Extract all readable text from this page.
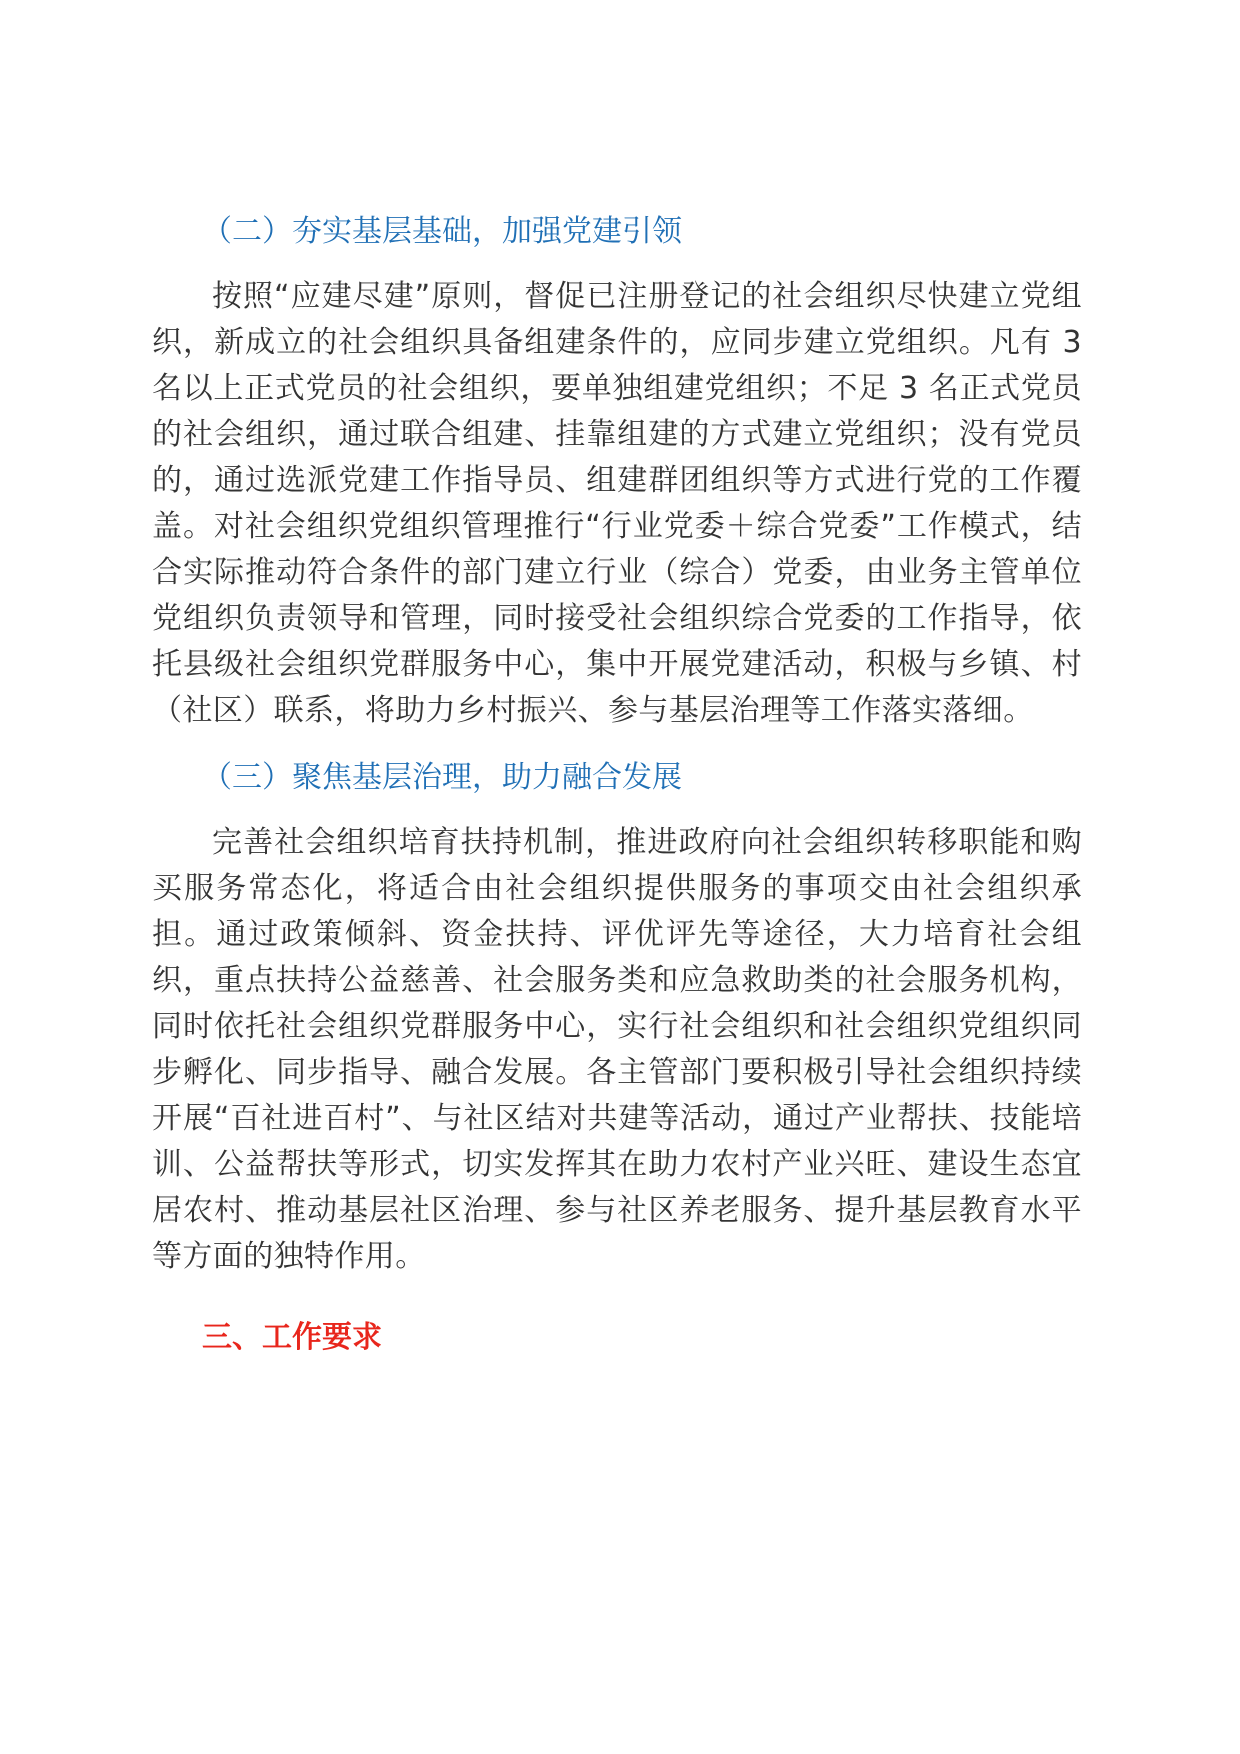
（二）夯实基层基础，加强党建引领

按照“应建尽建”原则，督促已注册登记的社会组织尽快建立党组织，新成立的社会组织具备组建条件的，应同步建立党组织。凡有 3 名以上正式党员的社会组织，要单独组建党组织；不足 3 名正式党员的社会组织，通过联合组建、挂靠组建的方式建立党组织；没有党员的，通过选派党建工作指导员、组建群团组织等方式进行党的工作覆盖。对社会组织党组织管理推行“行业党委＋综合党委”工作模式，结合实际推动符合条件的部门建立行业（综合）党委，由业务主管单位党组织负责领导和管理，同时接受社会组织综合党委的工作指导，依托县级社会组织党群服务中心，集中开展党建活动，积极与乡镇、村（社区）联系，将助力乡村振兴、参与基层治理等工作落实落细。

（三）聚焦基层治理，助力融合发展

完善社会组织培育扶持机制，推进政府向社会组织转移职能和购买服务常态化，将适合由社会组织提供服务的事项交由社会组织承担。通过政策倾斜、资金扶持、评优评先等途径，大力培育社会组织，重点扶持公益慈善、社会服务类和应急救助类的社会服务机构，同时依托社会组织党群服务中心，实行社会组织和社会组织党组织同步孵化、同步指导、融合发展。各主管部门要积极引导社会组织持续开展“百社进百村”、与社区结对共建等活动，通过产业帮扶、技能培训、公益帮扶等形式，切实发挥其在助力农村产业兴旺、建设生态宜居农村、推动基层社区治理、参与社区养老服务、提升基层教育水平等方面的独特作用。

三、工作要求
